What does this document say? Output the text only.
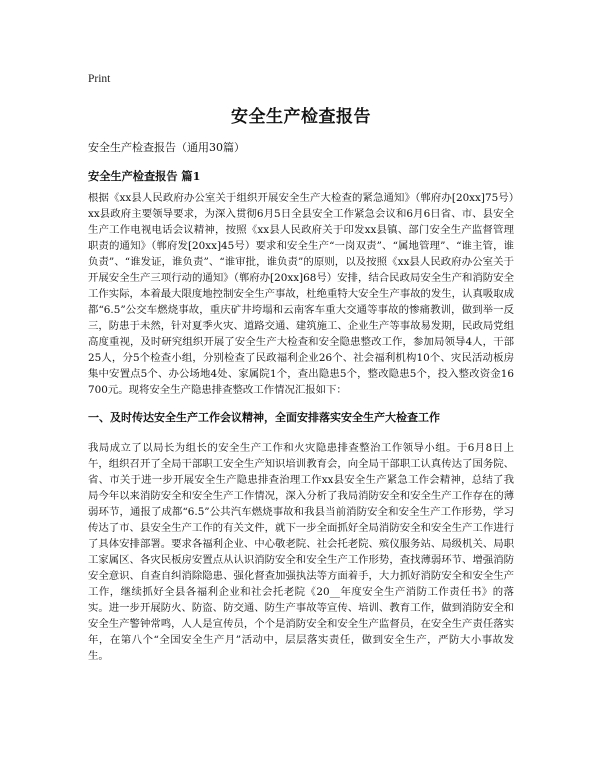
Print
安全生产检查报告

安全生产检查报告（通用30篇）

安全生产检查报告 篇1

根据《xx县人民政府办公室关于组织开展安全生产大检查的紧急通知》（郸府办[20xx]75号）xx县政府主要领导要求，为深入贯彻6月5日全县安全工作紧急会议和6月6日省、市、县安全生产工作电视电话会议精神，按照《xx县人民政府关于印发xx县镇、部门安全生产监督管理职责的通知》（郸府发[20xx]45号）要求和安全生产“一岗双责”、“属地管理”、“谁主管，谁负责”、“谁发证，谁负责”、“谁审批，谁负责”的原则，以及按照《xx县人民政府办公室关于开展安全生产三项行动的通知》（郸府办[20xx]68号）安排，结合民政局安全生产和消防安全工作实际，本着最大限度地控制安全生产事故，杜绝重特大安全生产事故的发生，认真吸取成都“6.5”公交车燃烧事故，重庆矿井垮塌和云南客车重大交通等事故的惨痛教训，做到举一反三，防患于未然，针对夏季火灾、道路交通、建筑施工、企业生产等事故易发期，民政局党组高度重视，及时研究组织开展了安全生产大检查和安全隐患整改工作，参加局领导4人，干部25人，分5个检查小组，分别检查了民政福利企业26个、社会福利机构10个、灾民活动板房集中安置点5个、办公场地4处、家属院1个，查出隐患5个，整改隐患5个，投入整改资金16700元。现将安全生产隐患排查整改工作情况汇报如下：

一、及时传达安全生产工作会议精神，全面安排落实安全生产大检查工作

我局成立了以局长为组长的安全生产工作和火灾隐患排查整治工作领导小组。于6月8日上午，组织召开了全局干部职工安全生产知识培训教育会，向全局干部职工认真传达了国务院、省、市关于进一步开展安全生产隐患排查治理工作xx县安全生产紧急工作会精神，总结了我局今年以来消防安全和安全生产工作情况，深入分析了我局消防安全和安全生产工作存在的薄弱环节，通报了成都“6.5”公共汽车燃烧事故和我县当前消防安全和安全生产工作形势，学习传达了市、县安全生产工作的有关文件，就下一步全面抓好全局消防安全和安全生产工作进行了具体安排部署。要求各福利企业、中心敬老院、社会托老院、殡仪服务站、局级机关、局职工家属区、各灾民板房安置点从认识消防安全和安全生产工作形势，查找薄弱环节、增强消防安全意识、自查自纠消除隐患、强化督查加强执法等方面着手，大力抓好消防安全和安全生产工作，继续抓好全县各福利企业和社会托老院《20__年度安全生产消防工作责任书》的落实。进一步开展防火、防盗、防交通、防生产事故等宣传、培训、教育工作，做到消防安全和安全生产警钟常鸣，人人是宣传员，个个是消防安全和安全生产监督员，在安全生产责任落实年，在第八个“全国安全生产月”活动中，层层落实责任，做到安全生产，严防大小事故发生。
